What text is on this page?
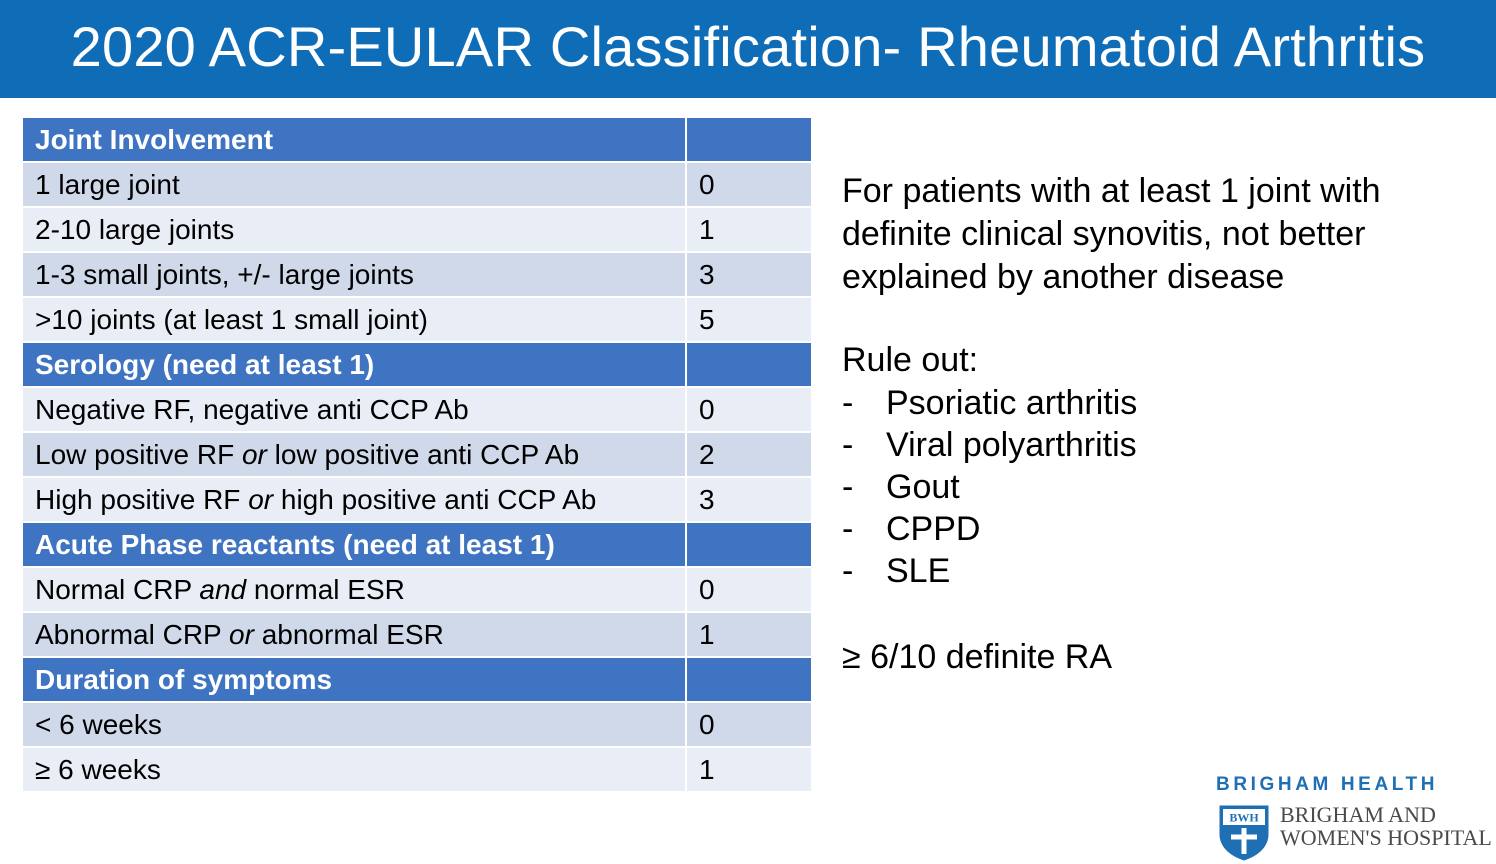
2020 ACR-EULAR Classification- Rheumatoid Arthritis
Joint Involvement	
1 large joint	0
2-10 large joints	1
1-3 small joints, +/- large joints	3
>10 joints (at least 1 small joint)	5
Serology (need at least 1)	
Negative RF, negative anti CCP Ab	0
Low positive RF or low positive anti CCP Ab	2
High positive RF or high positive anti CCP Ab	3
Acute Phase reactants (need at least 1)	
Normal CRP and normal ESR	0
Abnormal CRP or abnormal ESR	1
Duration of symptoms	
< 6 weeks	0
≥ 6 weeks	1
For patients with at least 1 joint with definite clinical synovitis, not better explained by another disease
Rule out:
- Psoriatic arthritis
- Viral polyarthritis
- Gout
- CPPD
- SLE
≥ 6/10 definite RA
BRIGHAM HEALTH
BWH BRIGHAM AND
WOMEN'S HOSPITAL
